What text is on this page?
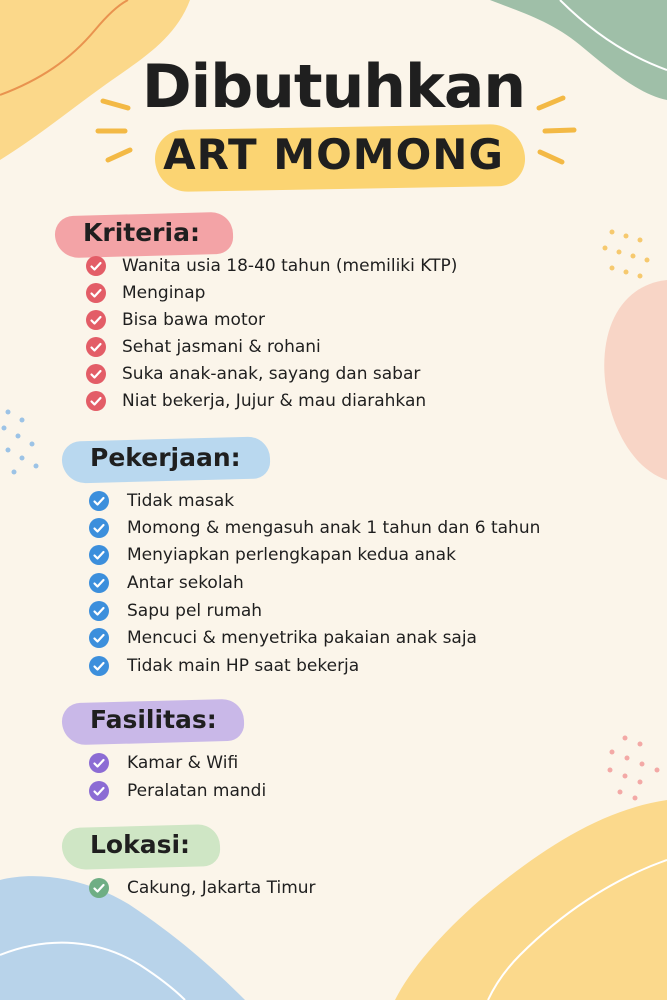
Dibutuhkan
ART MOMONG
Kriteria:
Wanita usia 18-40 tahun (memiliki KTP)
Menginap
Bisa bawa motor
Sehat jasmani & rohani
Suka anak-anak, sayang dan sabar
Niat bekerja, Jujur & mau diarahkan
Pekerjaan:
Tidak masak
Momong & mengasuh anak 1 tahun dan 6 tahun
Menyiapkan perlengkapan kedua anak
Antar sekolah
Sapu pel rumah
Mencuci & menyetrika pakaian anak saja
Tidak main HP saat bekerja
Fasilitas:
Kamar & Wifi
Peralatan mandi
Lokasi:
Cakung, Jakarta Timur
